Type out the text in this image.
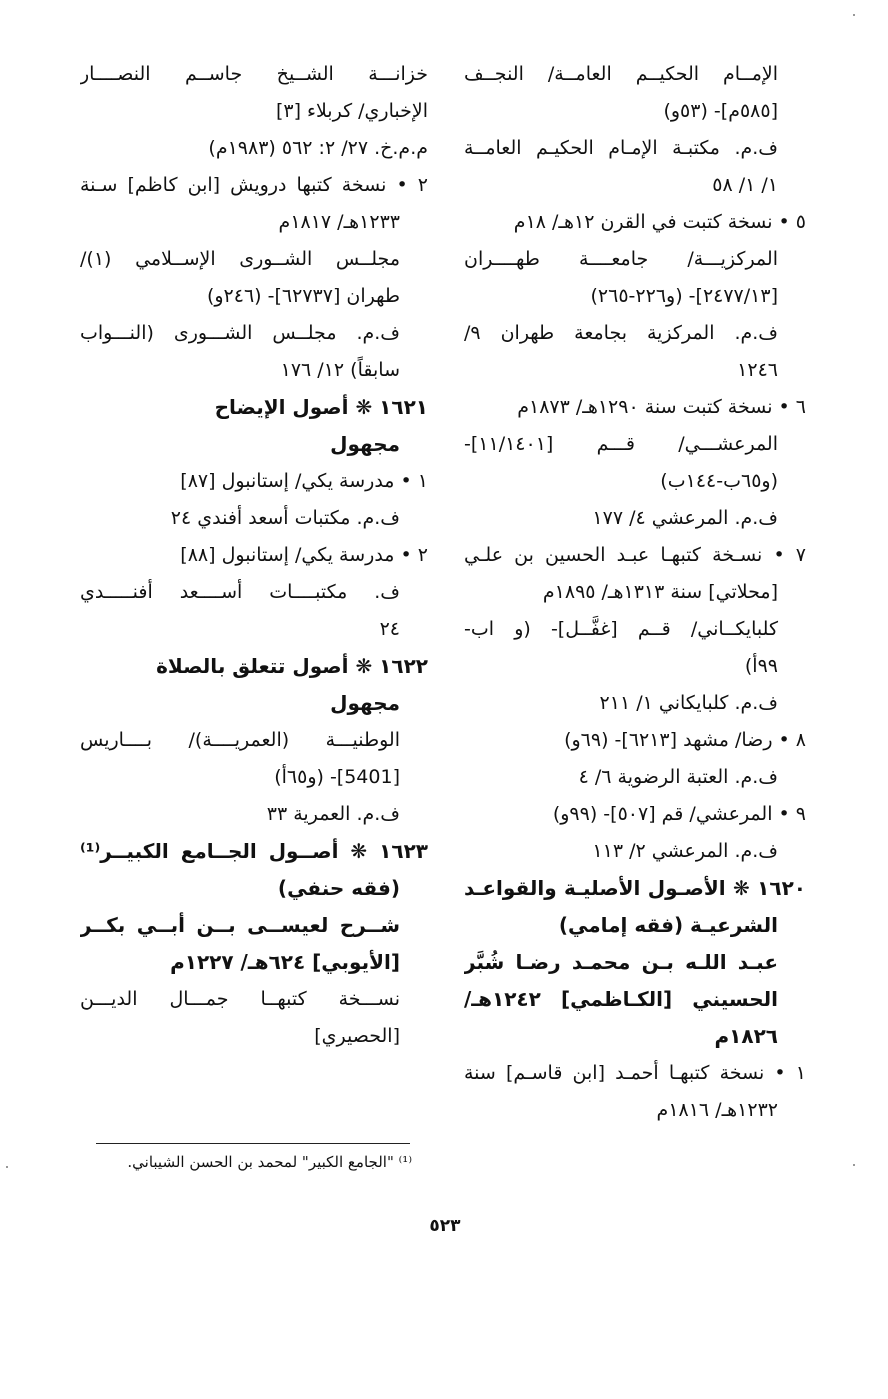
الإمــام الحكيــم العامــة/ النجــف
[٥٨٥م]- (٥٣و)
ف.م. مكتبـة الإمـام الحكيـم العامــة
١/ ١/ ٥٨
٥ • نسخة كتبت في القرن ١٢هـ/ ١٨م
المركزيـــة/ جامعــــة طهــــران
[٢٤٧٧/١٣]- (و٢٢٦-٢٦٥)
ف.م. المركزية بجامعة طهران ٩/
١٢٤٦
٦ • نسخة كتبت سنة ١٢٩٠هـ/ ١٨٧٣م
المرعشـــي/ قـــم [١١/١٤٠١]-
(و٦٥ب-١٤٤ب)
ف.م. المرعشي ٤/ ١٧٧
٧ • نسـخة كتبهـا عبـد الحسين بن علـي
[محلاتي] سنة ١٣١٣هـ/ ١٨٩٥م
كلبايكــاني/ قــم [غفَّــل]- (و اب-
٩٩أ)
ف.م. كلبايكاني ١/ ٢١١
٨ • رضا/ مشهد [٦٢١٣]- (٦٩و)
ف.م. العتبة الرضوية ٦/ ٤
٩ • المرعشي/ قم [٥٠٧]- (٩٩و)
ف.م. المرعشي ٢/ ١١٣
١٦٢٠ ❋ الأصـول الأصليـة والقواعـد
الشرعيـة (فقه إمامي)
عبـد اللـه بـن محمـد رضـا شُبَّر
الحسيني [الكـاظمي] ١٢٤٢هـ/
١٨٢٦م
١ • نسخة كتبهـا أحمـد [ابن قاسـم] سنة
١٢٣٢هـ/ ١٨١٦م
خزانـــة الشــيخ جاســم النصــــار
الإخباري/ كربلاء [٣]
م.م.خ. ٢٧/ ٢: ٥٦٢ (١٩٨٣م)
٢ • نسخة كتبها درويش [ابن كاظم] سـنة
١٢٣٣هـ/ ١٨١٧م
مجلــس الشــورى الإســلامي (١)/
طهران [٦٢٧٣٧]- (٢٤٦و)
ف.م. مجلــس الشـــورى (النـــواب
سابقاً) ١٢/ ١٧٦
١٦٢١ ❋ أصول الإيضاح
مجهول
١ • مدرسة يكي/ إستانبول [٨٧]
ف.م. مكتبات أسعد أفندي ٢٤
٢ • مدرسة يكي/ إستانبول [٨٨]
ف. مكتبــــات أســــعد أفنـــــدي
٢٤
١٦٢٢ ❋ أصول تتعلق بالصلاة
مجهول
الوطنيـــة (العمريــــة)/ بــــاريس
[5401]- (و٦٥أ)
ف.م. العمرية ٣٣
١٦٢٣ ❋ أصــول الجــامع الكبيــر⁽¹⁾
(فقه حنفي)
شــرح لعيســى بــن أبــي بكــر
[الأيوبي] ٦٢٤هـ/ ١٢٢٧م
نســـخة كتبهــا جمـــال الديـــن
[الحصيري]
⁽¹⁾ "الجامع الكبير" لمحمد بن الحسن الشيباني.
٥٢٣
